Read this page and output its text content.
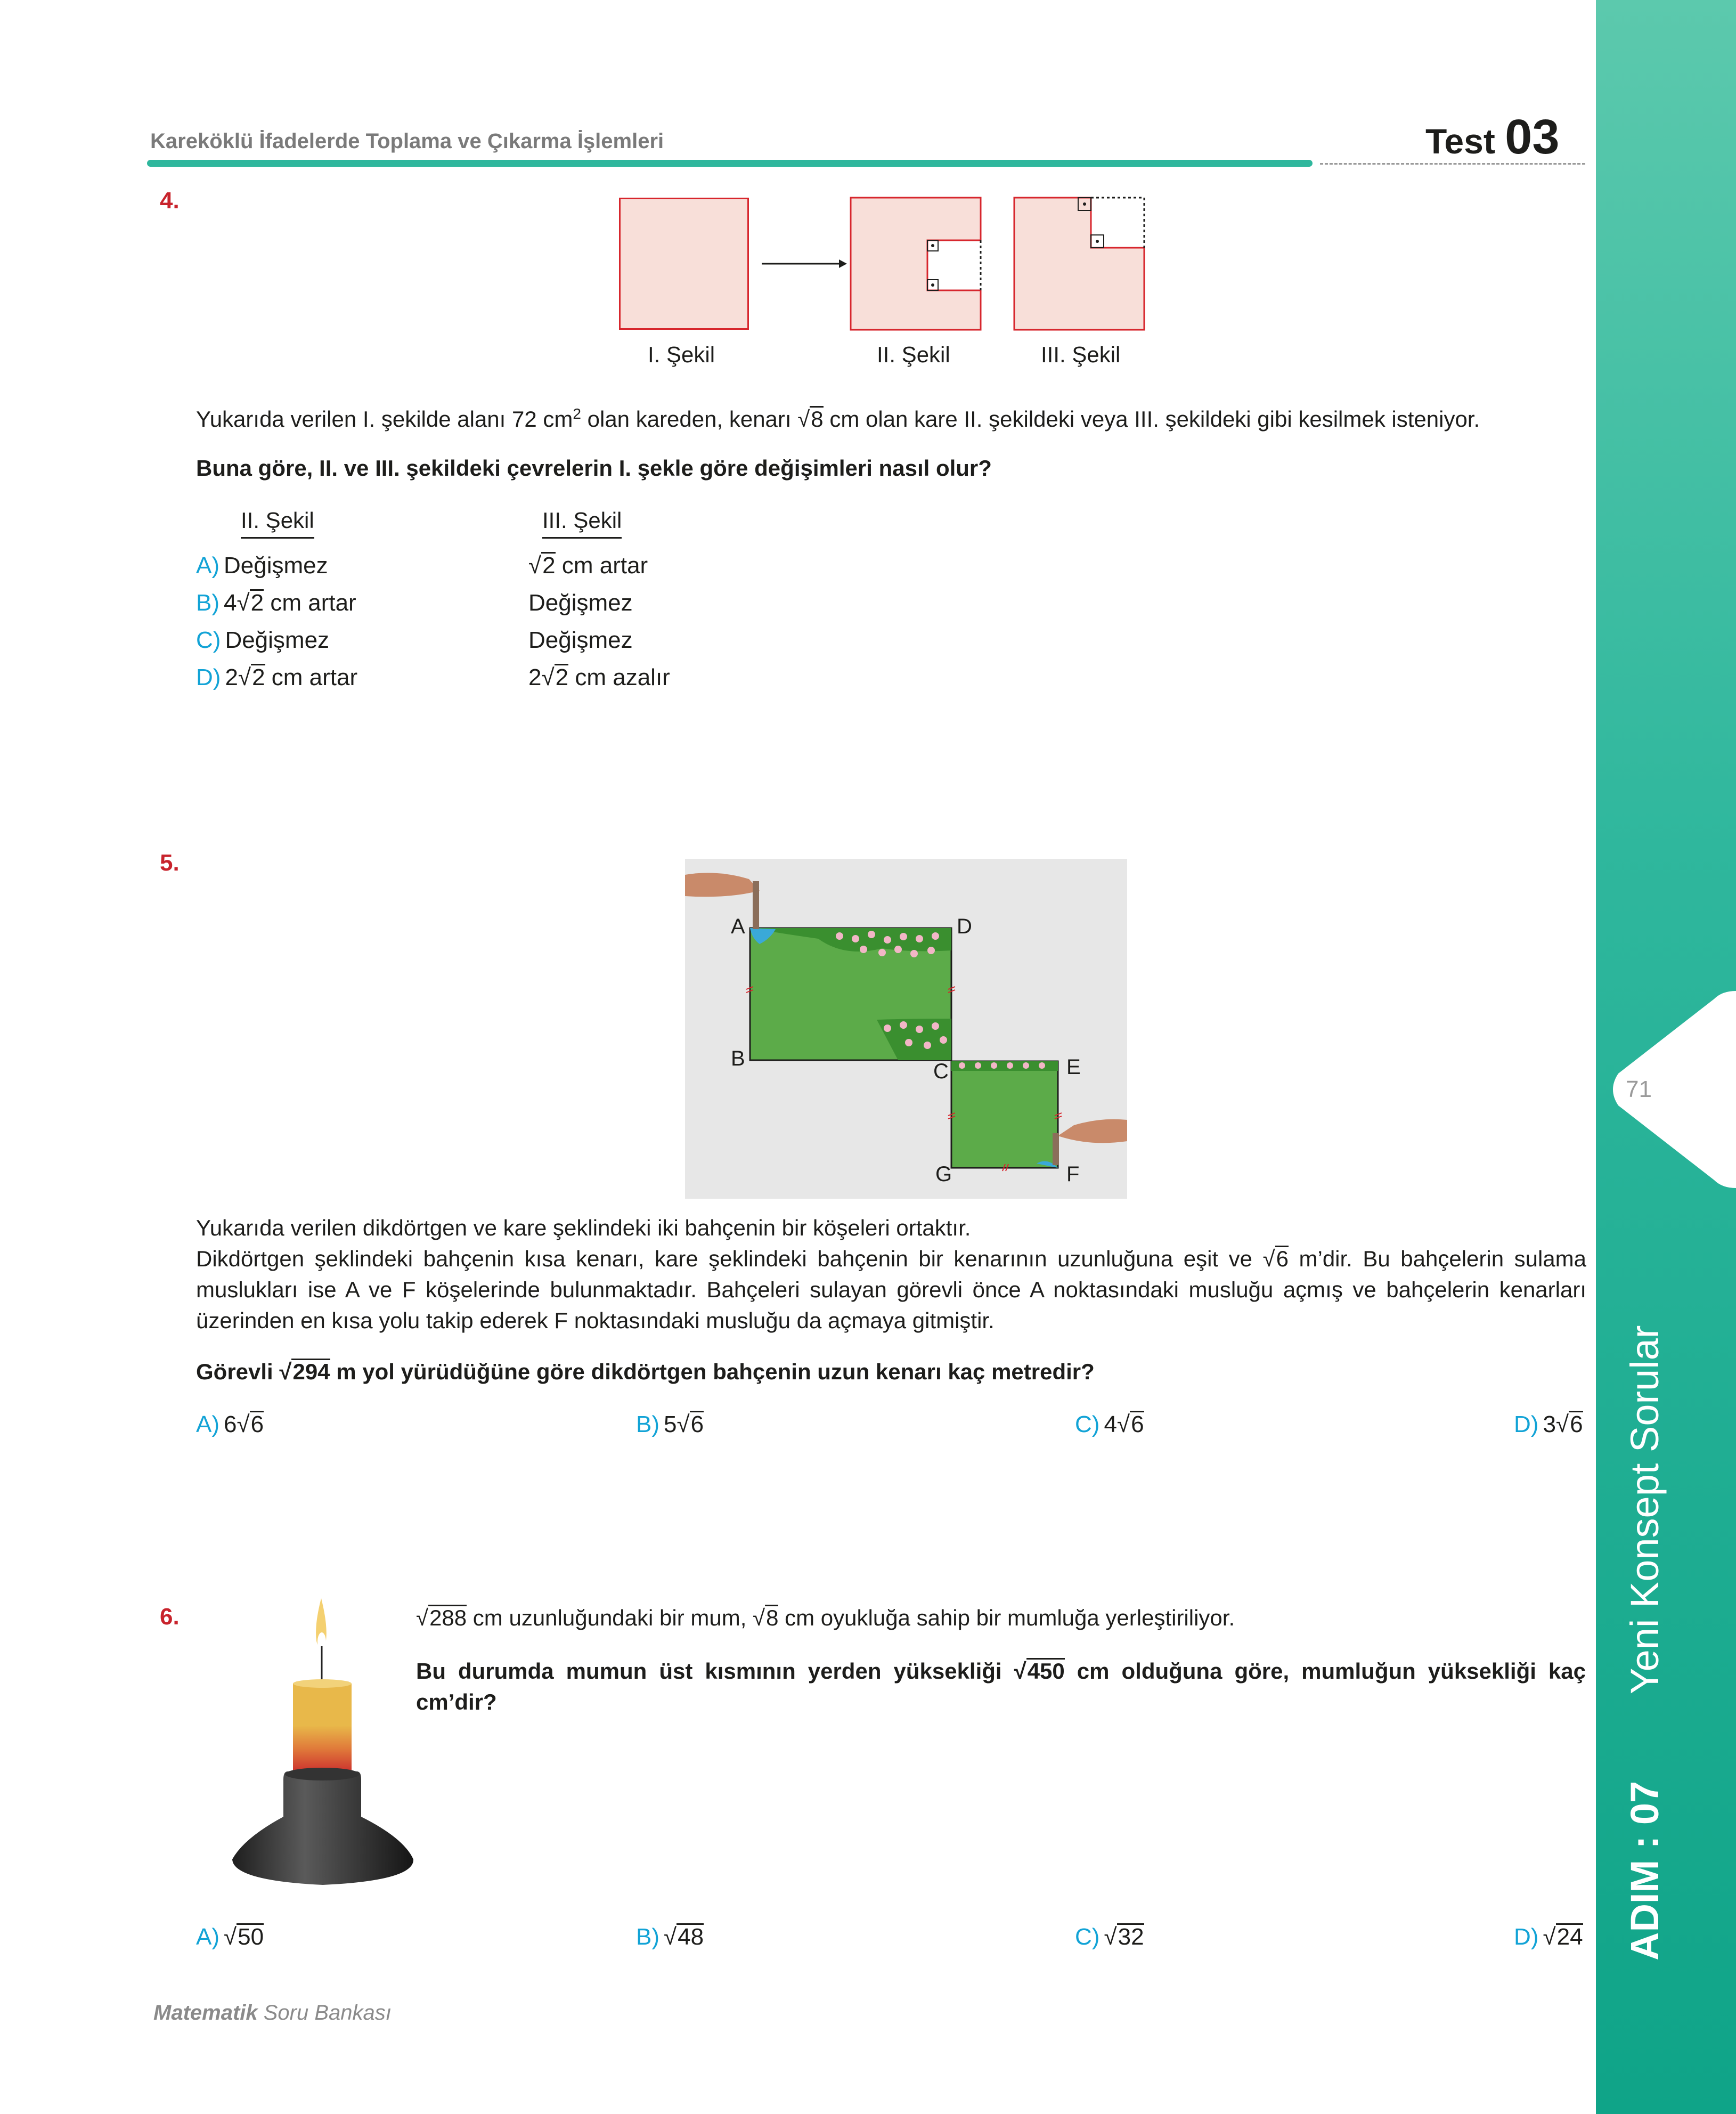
Kareköklü İfadelerde Toplama ve Çıkarma İşlemleri	Test 03
71
Yeni Konsept Sorular
ADIM : 07
4.
I. Şekil	II. Şekil	III. Şekil
Yukarıda verilen I. şekilde alanı 72 $cm^2$ olan kareden, kenarı √8 cm olan kare II. şekildeki veya III. şekildeki gibi kesilmek isteniyor.
Buna göre, II. ve III. şekildeki çevrelerin I. şekle göre değişimleri nasıl olur?
II. Şekil	III. Şekil
A) Değişmez	√2 cm artar
B) 4√2 cm artar	Değişmez
C) Değişmez	Değişmez
D) 2√2 cm artar	2√2 cm azalır
5.
A	D
B
C	E
G	F
Yukarıda verilen dikdörtgen ve kare şeklindeki iki bahçenin bir köşeleri ortaktır.
Dikdörtgen şeklindeki bahçenin kısa kenarı, kare şeklindeki bahçenin bir kenarının uzunluğuna eşit ve √6 m’dir. Bu bahçelerin sulama muslukları ise A ve F köşelerinde bulunmaktadır. Bahçeleri sulayan görevli önce A noktasındaki musluğu açmış ve bahçelerin kenarları üzerinden en kısa yolu takip ederek F noktasındaki musluğu da açmaya gitmiştir.
Görevli √294 m yol yürüdüğüne göre dikdörtgen bahçenin uzun kenarı kaç metredir?
A) 6√6	B) 5√6	C) 4√6	D) 3√6
6.	√288 cm uzunluğundaki bir mum, √8 cm oyukluğa sahip bir mumluğa yerleştiriliyor.
Bu durumda mumun üst kısmının yerden yüksekliği √450 cm olduğuna göre, mumluğun yüksekliği kaç cm’dir?
A) √50	B) √48	C) √32	D) √24
Matematik Soru Bankası
